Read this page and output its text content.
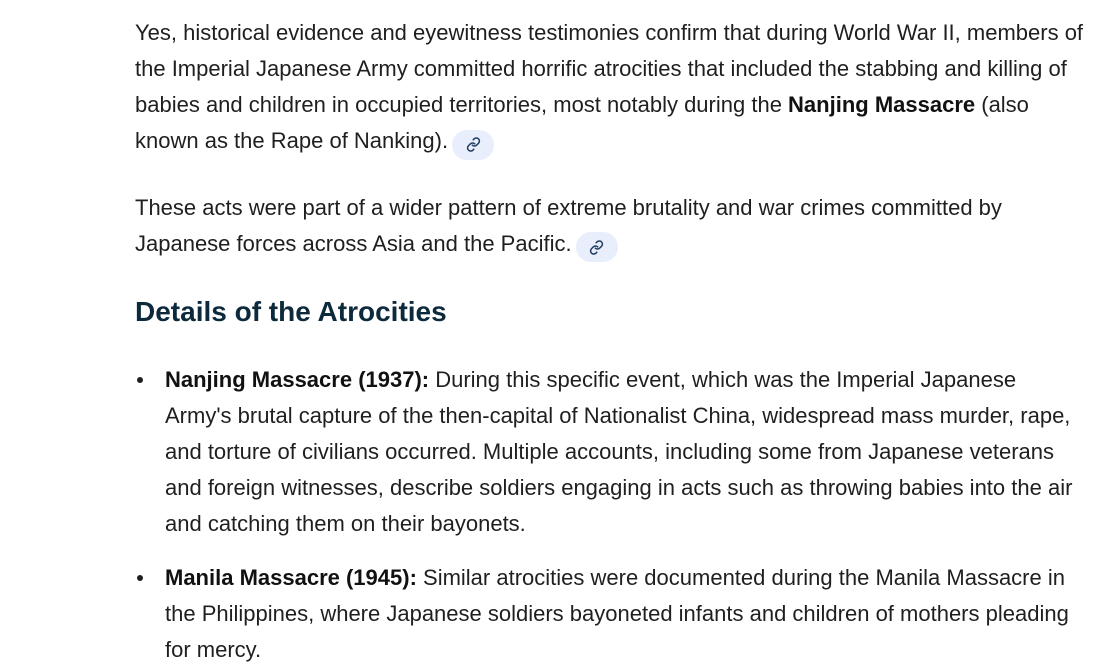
Yes, historical evidence and eyewitness testimonies confirm that during World War II, members of the Imperial Japanese Army committed horrific atrocities that included the stabbing and killing of babies and children in occupied territories, most notably during the Nanjing Massacre (also known as the Rape of Nanking).

These acts were part of a wider pattern of extreme brutality and war crimes committed by Japanese forces across Asia and the Pacific.

Details of the Atrocities
Nanjing Massacre (1937): During this specific event, which was the Imperial Japanese Army's brutal capture of the then-capital of Nationalist China, widespread mass murder, rape, and torture of civilians occurred. Multiple accounts, including some from Japanese veterans and foreign witnesses, describe soldiers engaging in acts such as throwing babies into the air and catching them on their bayonets.
Manila Massacre (1945): Similar atrocities were documented during the Manila Massacre in the Philippines, where Japanese soldiers bayoneted infants and children of mothers pleading for mercy.
